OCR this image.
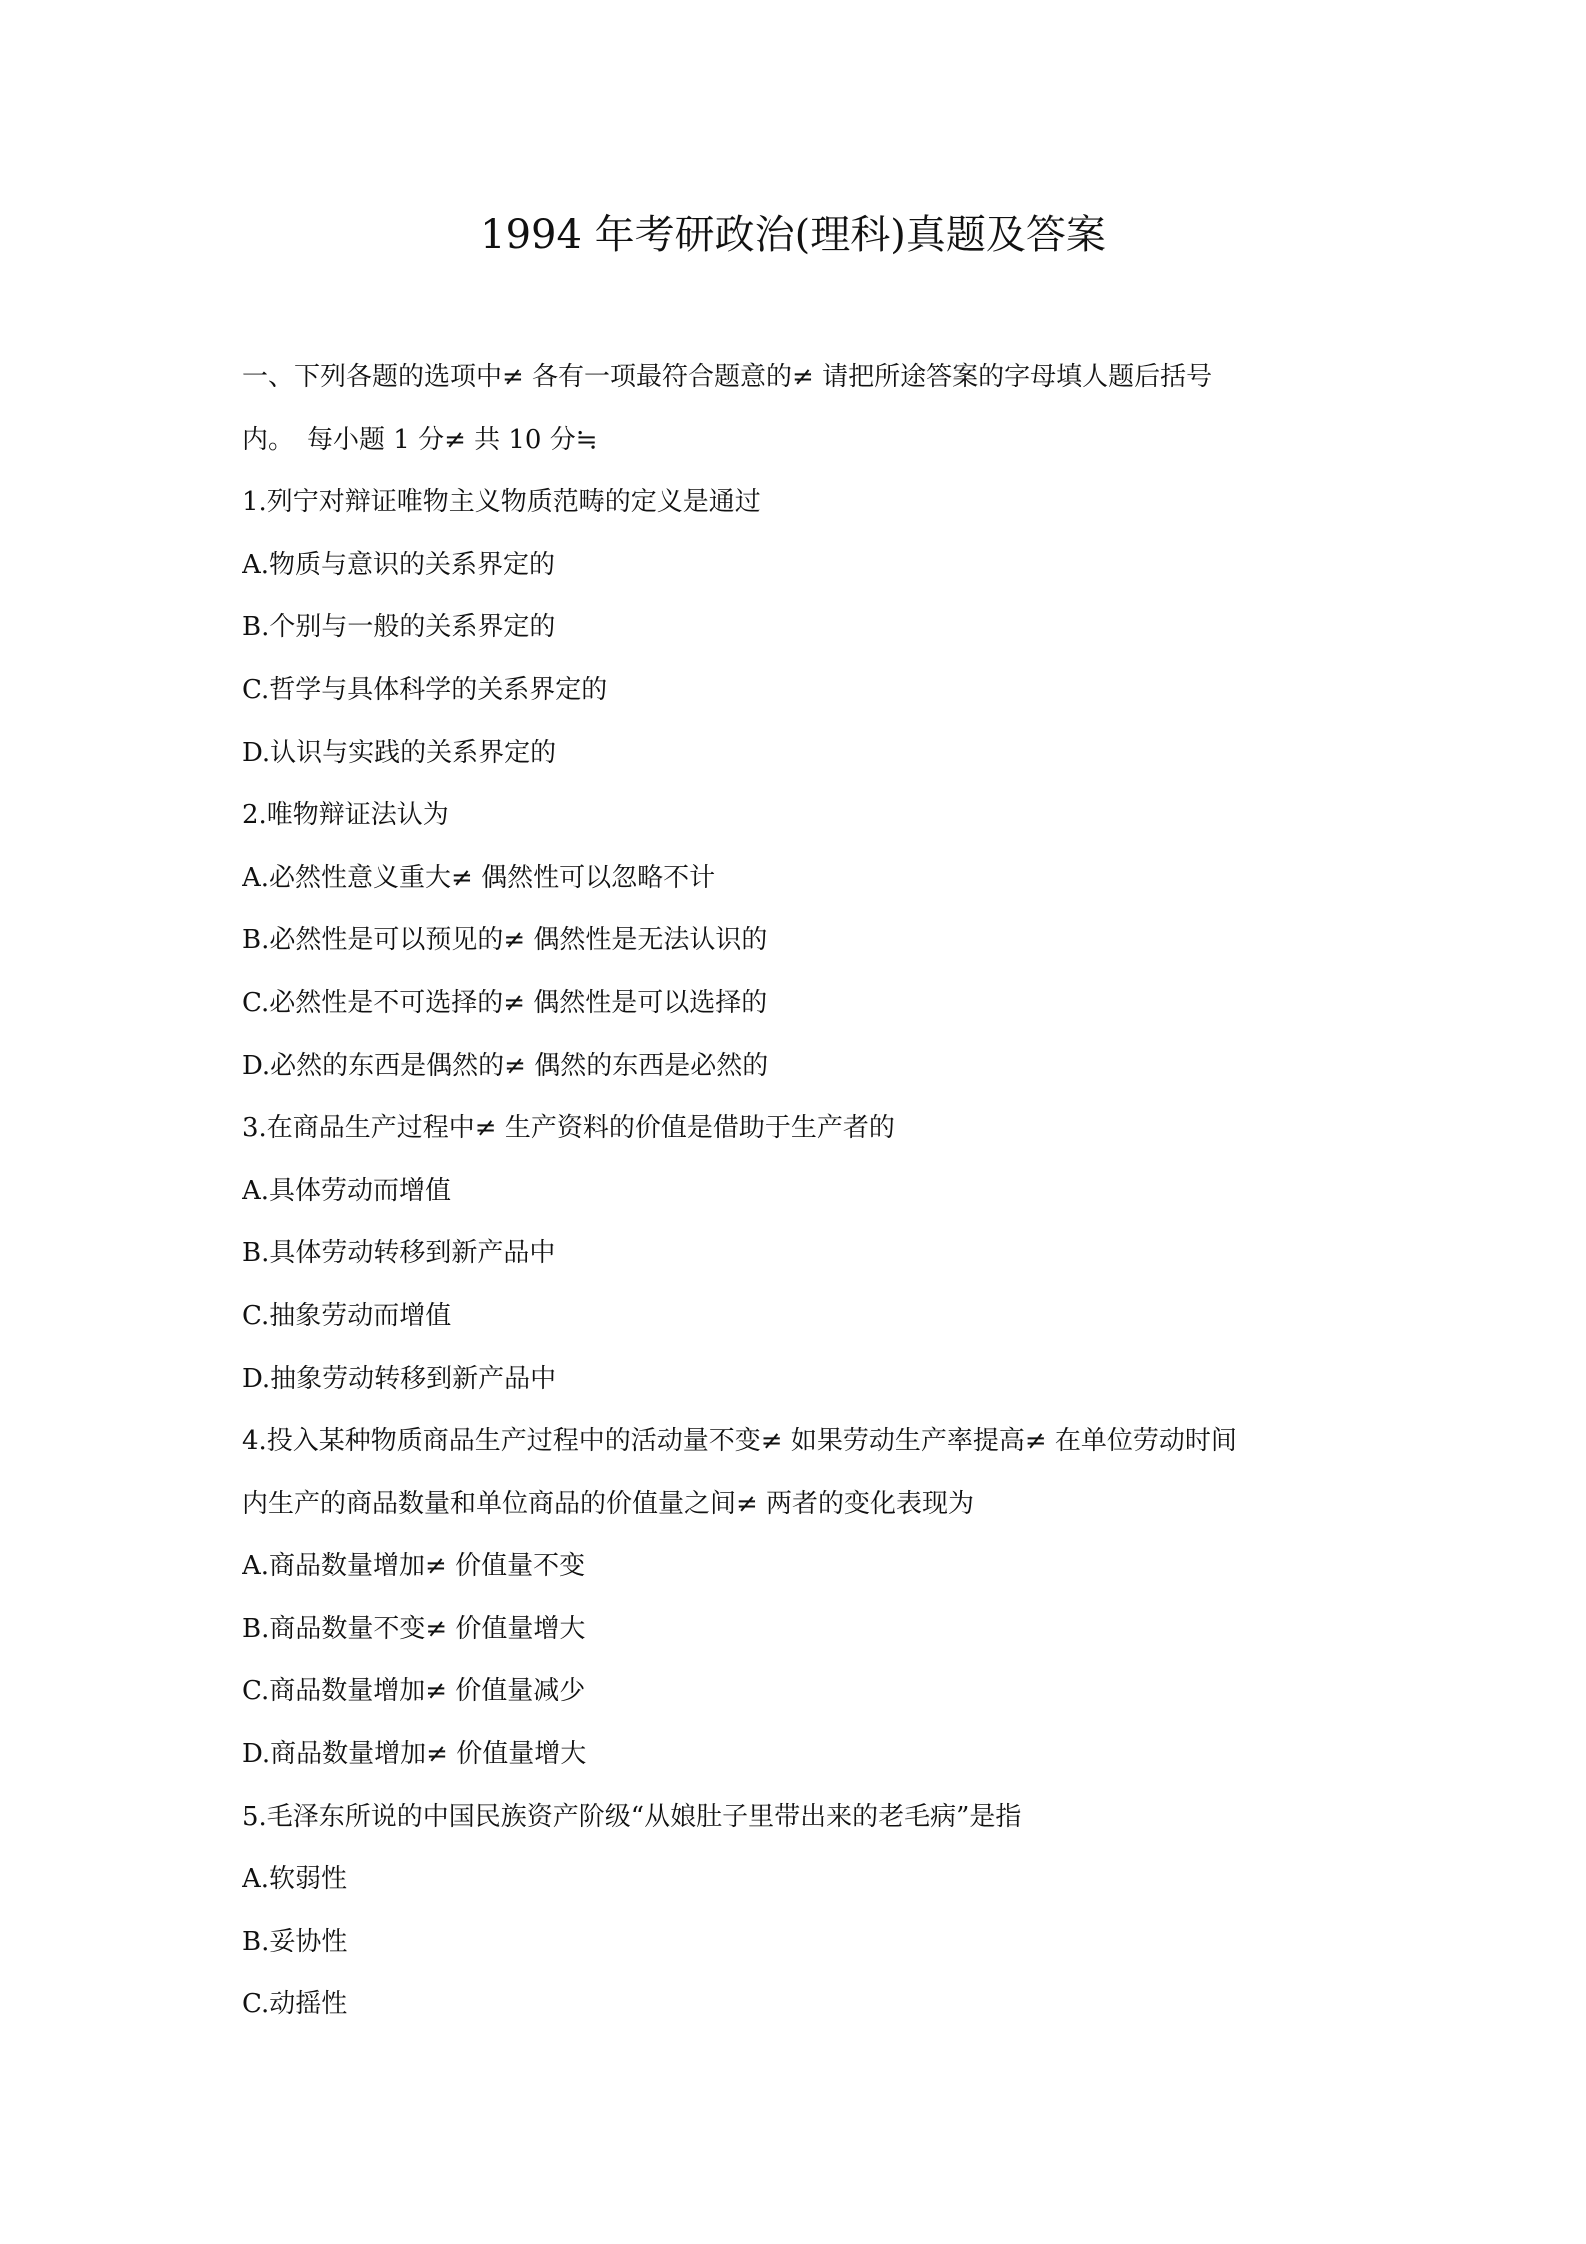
1994 年考研政治(理科)真题及答案
一、下列各题的选项中≠ 各有一项最符合题意的≠ 请把所途答案的字母填人题后括号
内。　每小题 1 分≠ 共 10 分≒
1.列宁对辩证唯物主义物质范畴的定义是通过
A.物质与意识的关系界定的
B.个别与一般的关系界定的
C.哲学与具体科学的关系界定的
D.认识与实践的关系界定的
2.唯物辩证法认为
A.必然性意义重大≠ 偶然性可以忽略不计
B.必然性是可以预见的≠ 偶然性是无法认识的
C.必然性是不可选择的≠ 偶然性是可以选择的
D.必然的东西是偶然的≠ 偶然的东西是必然的
3.在商品生产过程中≠ 生产资料的价值是借助于生产者的
A.具体劳动而增值
B.具体劳动转移到新产品中
C.抽象劳动而增值
D.抽象劳动转移到新产品中
4.投入某种物质商品生产过程中的活动量不变≠ 如果劳动生产率提高≠ 在单位劳动时间
内生产的商品数量和单位商品的价值量之间≠ 两者的变化表现为
A.商品数量增加≠ 价值量不变
B.商品数量不变≠ 价值量增大
C.商品数量增加≠ 价值量减少
D.商品数量增加≠ 价值量增大
5.毛泽东所说的中国民族资产阶级“从娘肚子里带出来的老毛病”是指
A.软弱性
B.妥协性
C.动摇性
